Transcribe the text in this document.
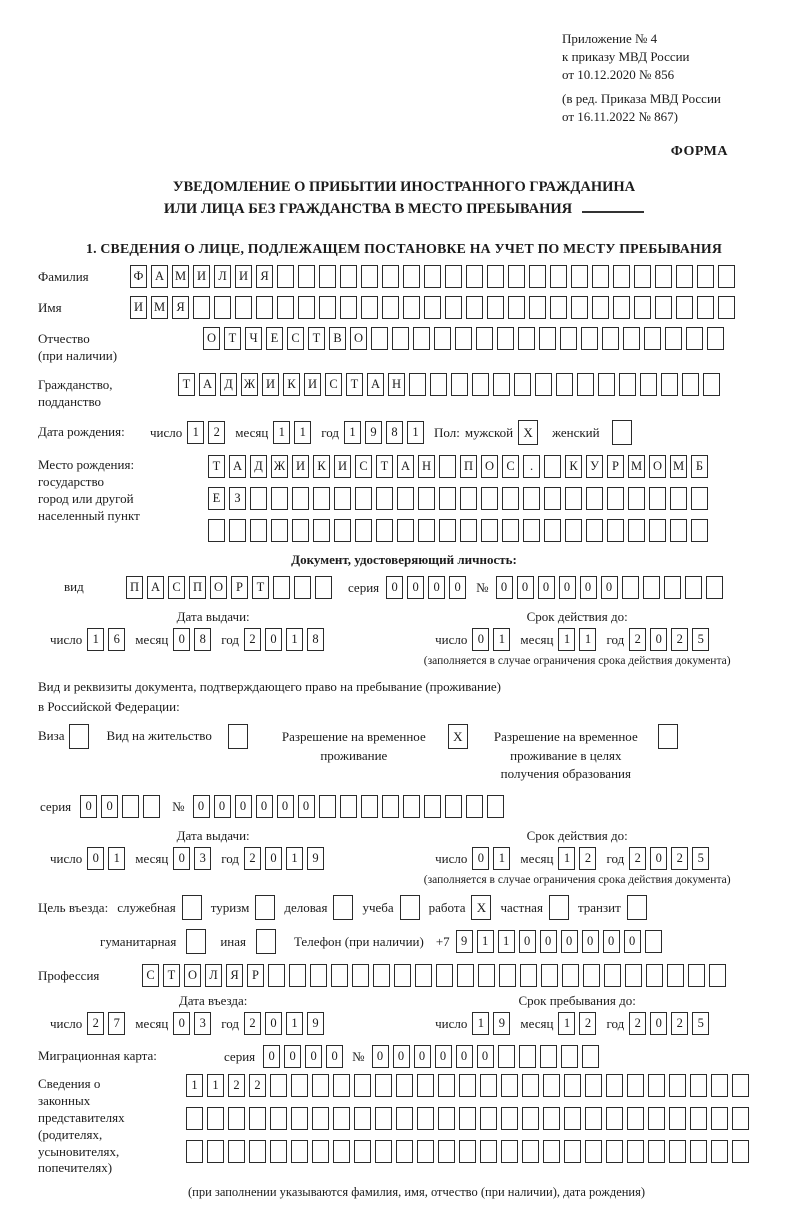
Приложение № 4
к приказу МВД России
от 10.12.2020 № 856
(в ред. Приказа МВД России
от 16.11.2022 № 867)
ФОРМА
УВЕДОМЛЕНИЕ О ПРИБЫТИИ ИНОСТРАННОГО ГРАЖДАНИНА
ИЛИ ЛИЦА БЕЗ ГРАЖДАНСТВА В МЕСТО ПРЕБЫВАНИЯ
1. СВЕДЕНИЯ О ЛИЦЕ, ПОДЛЕЖАЩЕМ ПОСТАНОВКЕ НА УЧЕТ ПО МЕСТУ ПРЕБЫВАНИЯ
Фамилия	Ф А М И Л И Я
Имя	И М Я
Отчество
(при наличии)
О	Т	Ч	Е	С	Т	В О
Гражданство,
подданство
Т	А Д Ж И К И С	Т	А Н
Дата рождения:	число 1	2	месяц 1	1	год 1	9	8	1	Пол: мужской X	женский
Место рождения:
государство
город или другой
населенный пункт
Т	А Д Ж И К И С	Т	А Н	П О С	.	К У	Р М О М Б
Е	З
Документ, удостоверяющий личность:
вид	П А С П О	Р	Т	серия 0	0	0	0	№ 0	0	0	0	0	0
Дата выдачи:
число 1	6	месяц 0	8	год 2	0	1	8
Срок действия до:
число 0	1	месяц 1	1	год 2	0	2	5
(заполняется в случае ограничения срока действия документа)
Вид и реквизиты документа, подтверждающего право на пребывание (проживание)
в Российской Федерации:
Виза	Вид на жительство	Разрешение на временное
проживание
X	Разрешение на временное
проживание в целях
получения образования
серия	0	0	№	0	0	0	0	0	0
Дата выдачи:
число 0	1	месяц 0	3	год 2	0	1	9
Срок действия до:
число 0	1	месяц 1	2	год 2	0	2	5
(заполняется в случае ограничения срока действия документа)
Цель въезда: служебная	туризм	деловая	учеба	работа X	частная	транзит
гуманитарная	иная	Телефон (при наличии) +7 9	1	1	0	0	0	0	0	0
Профессия	С	Т	О Л	Я	Р
Дата въезда:
число 2	7	месяц 0	3	год 2	0	1	9
Срок пребывания до:
число 1	9	месяц 1	2	год 2	0	2	5
Миграционная карта:	серия	0	0	0	0	№ 0	0	0	0	0	0
Сведения о
законных
представителях
(родителях,
усыновителях,
попечителях)
1	1	2	2
(при заполнении указываются фамилия, имя, отчество (при наличии), дата рождения)
